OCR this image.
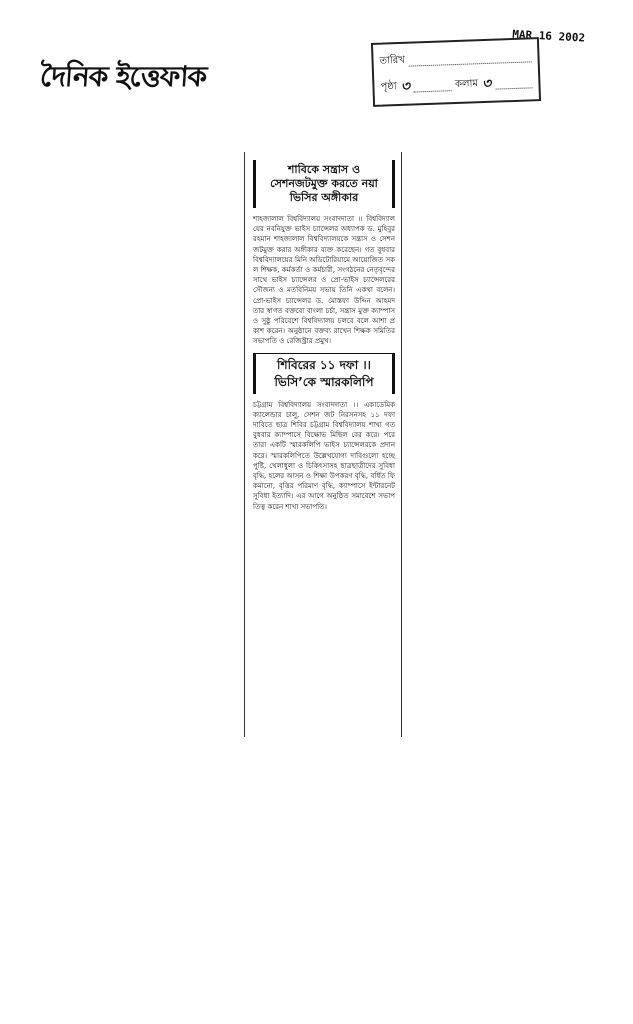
দৈনিক ইত্তেফাক
MAR 16 2002
তারিখ
পৃষ্ঠা ৩	কলাম ৩
শাবিকে সন্ত্রাস ও সেশনজটমুক্ত করতে নয়া ভিসির অঙ্গীকার

শাহজালাল বিশ্ববিদ্যালয় সংবাদদাতা ।। বিশ্ববিদ্যালয়ের নবনিযুক্ত ভাইস চ্যান্সেলর অধ্যাপক ড. মুহিবুর রহমান শাহজালাল বিশ্ববিদ্যালয়কে সন্ত্রাস ও সেশনজটমুক্ত করার অঙ্গীকার ব্যক্ত করেছেন। গত বুধবার বিশ্ববিদ্যালয়ের মিনি অডিটোরিয়ামে আয়োজিত সকল শিক্ষক, কর্মকর্তা ও কর্মচারী, সংগঠনের নেতৃবৃন্দের সাথে ভাইস চ্যান্সেলর ও প্রো-ভাইস চ্যান্সেলরের সৌজন্য ও মতবিনিময় সভায় তিনি একথা বলেন। প্রো-ভাইস চ্যান্সেলর ড. মোস্তফা উদ্দিন আহমদ তার স্বাগত বক্তব্যে বাংলা চর্চা, সন্ত্রাস মুক্ত ক্যাম্পাস ও সুষ্ঠু পরিবেশে বিশ্ববিদ্যালয় চলবে বলে আশা প্রকাশ করেন। অনুষ্ঠানে বক্তব্য রাখেন শিক্ষক সমিতির সভাপতি ও রেজিস্ট্রার প্রমুখ।

শিবিরের ১১ দফা ।। ভিসি’কে স্মারকলিপি

চট্টগ্রাম বিশ্ববিদ্যালয় সংবাদদাতা ।। একাডেমিক ক্যালেন্ডার চালু, সেশন জট নিরসনসহ ১১ দফা দাবিতে ছাত্র শিবির চট্টগ্রাম বিশ্ববিদ্যালয় শাখা গত বুধবার ক্যাম্পাসে বিক্ষোভ মিছিল বের করে। পরে তারা একটি স্মারকলিপি ভাইস চ্যান্সেলরকে প্রদান করে। স্মারকলিপিতে উল্লেখযোগ্য দাবিগুলো হচ্ছে পুষ্টি, খেলাধুলা ও চিকিৎসাসহ ছাত্রছাত্রীদের সুবিধা বৃদ্ধি, হলের আসন ও শিক্ষা উপকরণ বৃদ্ধি, বর্ধিত ফি কমানো, বৃত্তির পরিমাণ বৃদ্ধি, ক্যাম্পাসে ইন্টারনেট সুবিধা ইত্যাদি। এর আগে অনুষ্ঠিত সমাবেশে সভাপতিত্ব করেন শাখা সভাপতি।
